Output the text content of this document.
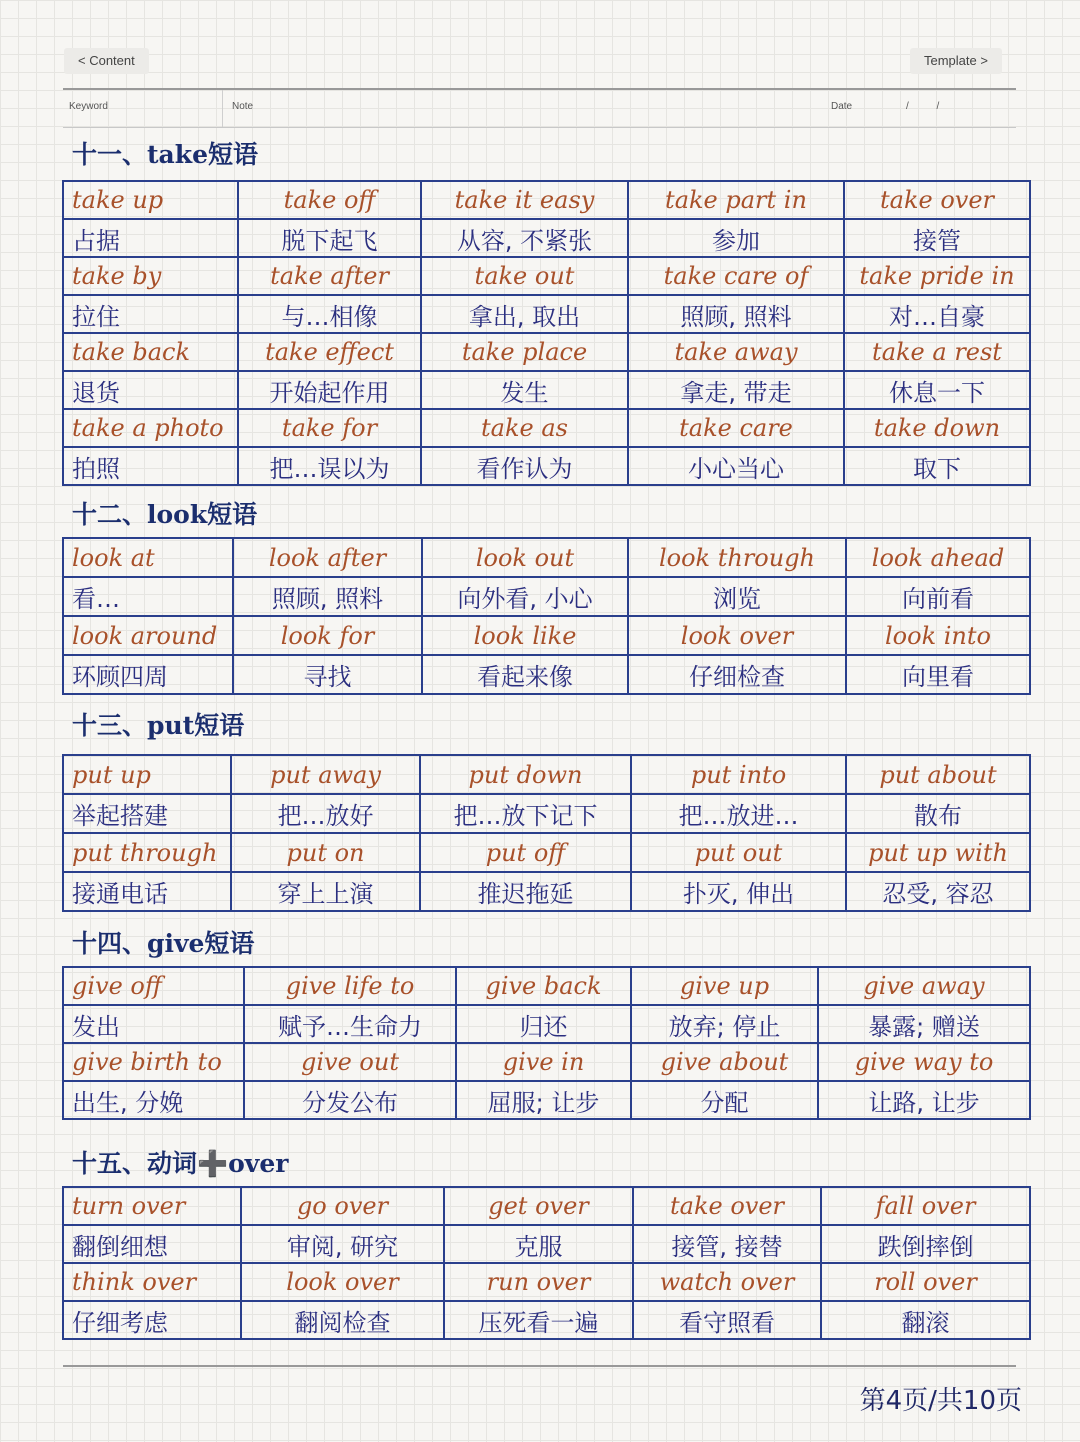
< Content	Template >
Keyword	Note	Date	/          /
十一、take短语
十二、look短语
十三、put短语
十四、give短语
十五、动词➕over
take up	take off	take it easy	take part in	take over
占据	脱下起飞	从容, 不紧张	参加	接管
take by	take after	take out	take care of	take pride in
拉住	与…相像	拿出, 取出	照顾, 照料	对…自豪
take back	take effect	take place	take away	take a rest
退货	开始起作用	发生	拿走, 带走	休息一下
take a photo	take for	take as	take care	take down
拍照	把…误以为	看作认为	小心当心	取下
look at	look after	look out	look through	look ahead
看…	照顾, 照料	向外看, 小心	浏览	向前看
look around	look for	look like	look over	look into
环顾四周	寻找	看起来像	仔细检查	向里看
put up	put away	put down	put into	put about
举起搭建	把…放好	把…放下记下	把…放进…	散布
put through	put on	put off	put out	put up with
接通电话	穿上上演	推迟拖延	扑灭, 伸出	忍受, 容忍
give off	give life to	give back	give up	give away
发出	赋予…生命力	归还	放弃; 停止	暴露; 赠送
give birth to	give out	give in	give about	give way to
出生, 分娩	分发公布	屈服; 让步	分配	让路, 让步
turn over	go over	get over	take over	fall over
翻倒细想	审阅, 研究	克服	接管, 接替	跌倒摔倒
think over	look over	run over	watch over	roll over
仔细考虑	翻阅检查	压死看一遍	看守照看	翻滚
第4页/共10页
